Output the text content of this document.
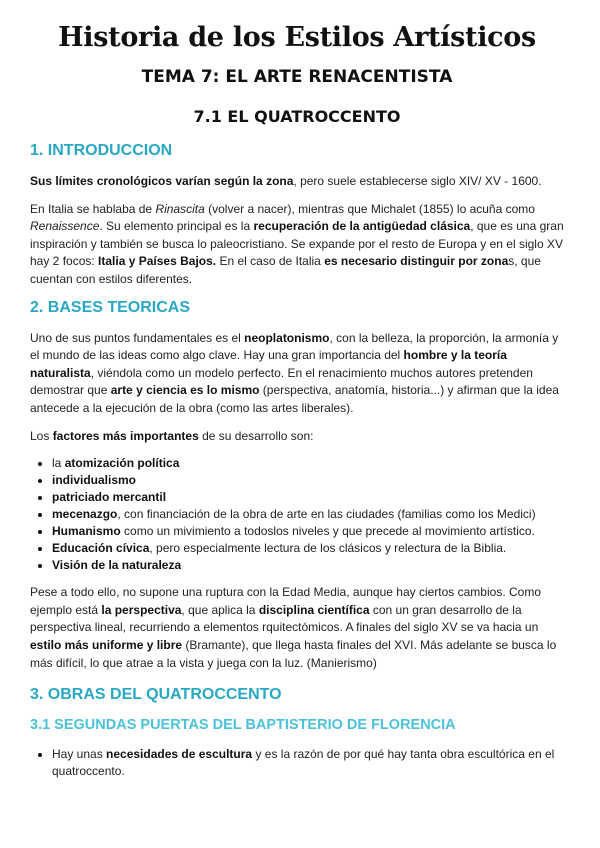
Historia de los Estilos Artísticos
TEMA 7: EL ARTE RENACENTISTA
7.1 EL QUATROCCENTO
1. INTRODUCCION

Sus límites cronológicos varían según la zona, pero suele establecerse siglo XIV/ XV - 1600.

En Italia se hablaba de Rinascita (volver a nacer), mientras que Michalet (1855) lo acuña como Renaissence. Su elemento principal es la recuperación de la antigüedad clásica, que es una gran inspiración y también se busca lo paleocristiano. Se expande por el resto de Europa y en el siglo XV hay 2 focos: Italia y Países Bajos. En el caso de Italia es necesario distinguir por zonas, que cuentan con estilos diferentes.

2. BASES TEORICAS

Uno de sus puntos fundamentales es el neoplatonismo, con la belleza, la proporción, la armonía y el mundo de las ideas como algo clave. Hay una gran importancia del hombre y la teoría naturalista, viéndola como un modelo perfecto. En el renacimiento muchos autores pretenden demostrar que arte y ciencia es lo mismo (perspectiva, anatomía, historia...) y afirman que la idea antecede a la ejecución de la obra (como las artes liberales).

Los factores más importantes de su desarrollo son:

• la atomización política
• individualismo
• patriciado mercantil
• mecenazgo, con financiación de la obra de arte en las ciudades (familias como los Medici)
• Humanismo como un mivimiento a todoslos niveles y que precede al movimiento artístico.
• Educación cívica, pero especialmente lectura de los clásicos y relectura de la Biblia.
• Visión de la naturaleza

Pese a todo ello, no supone una ruptura con la Edad Media, aunque hay ciertos cambios. Como ejemplo está la perspectiva, que aplica la disciplina científica con un gran desarrollo de la perspectiva lineal, recurriendo a elementos rquitectómicos. A finales del siglo XV se va hacia un estilo más uniforme y libre (Bramante), que llega hasta finales del XVI. Más adelante se busca lo más difícil, lo que atrae a la vista y juega con la luz. (Manierismo)

3. OBRAS DEL QUATROCCENTO
3.1 SEGUNDAS PUERTAS DEL BAPTISTERIO DE FLORENCIA
• Hay unas necesidades de escultura y es la razón de por qué hay tanta obra escultórica en el quatroccento.
